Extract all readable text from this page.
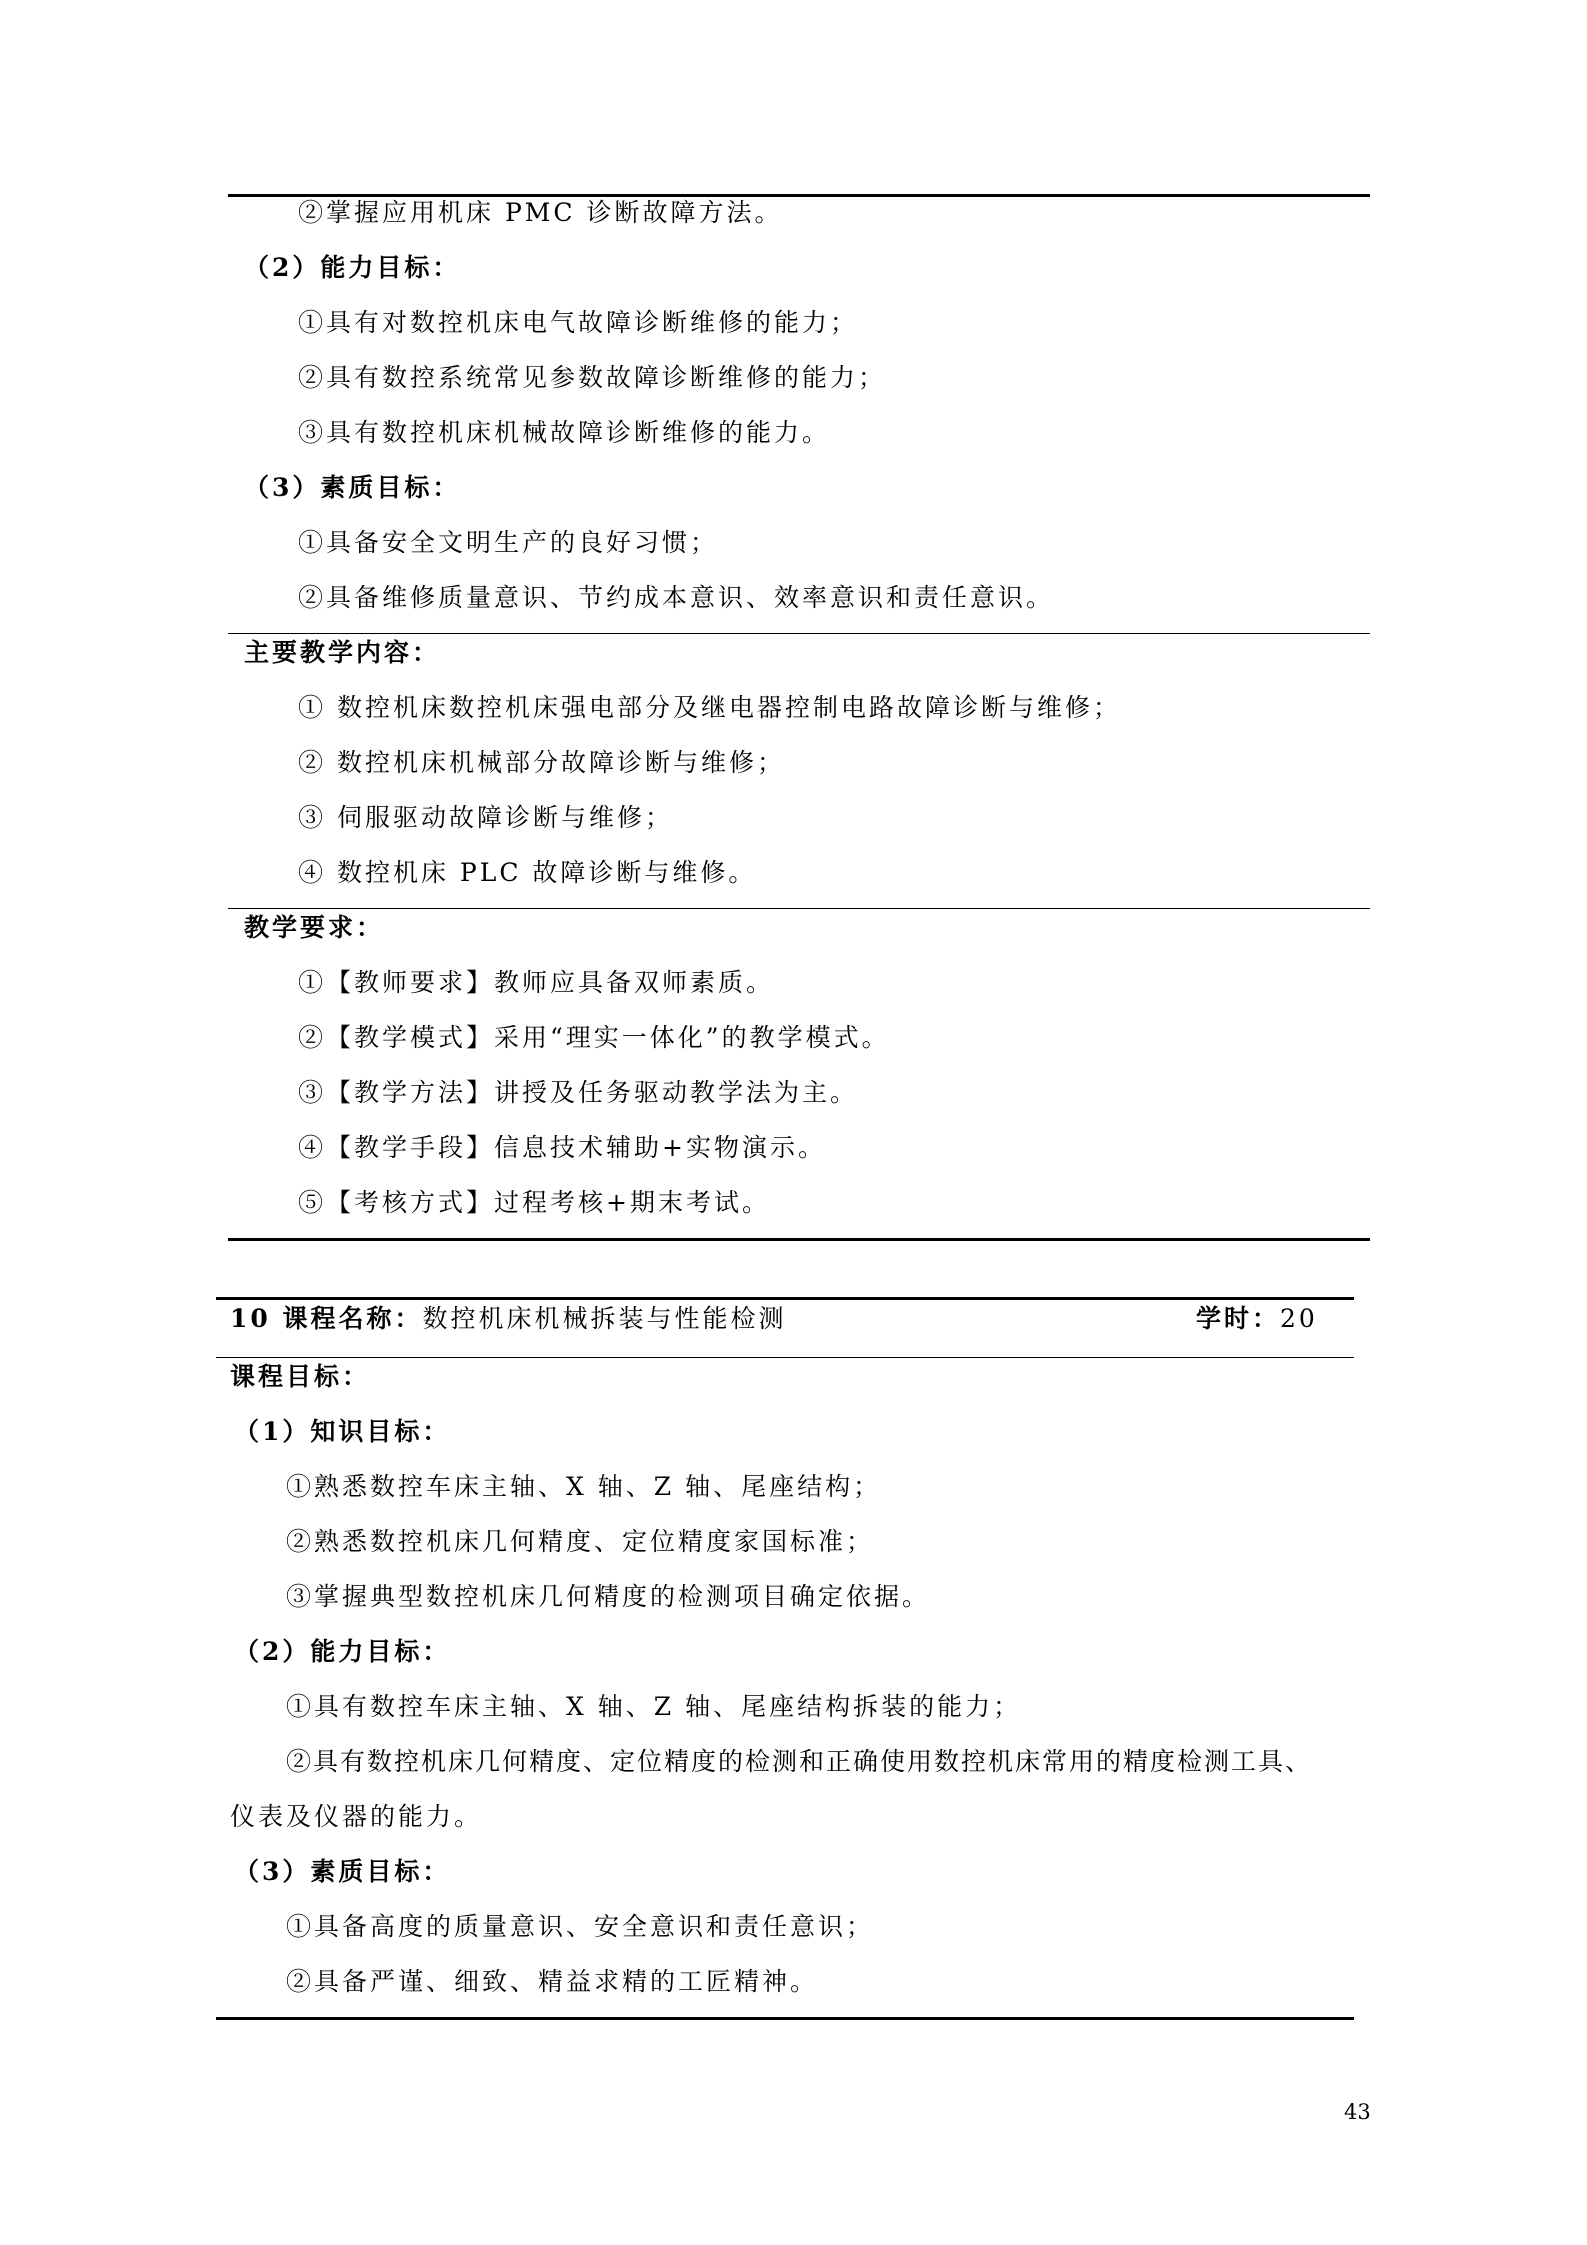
②掌握应用机床 PMC 诊断故障方法。
（2）能力目标：
①具有对数控机床电气故障诊断维修的能力；
②具有数控系统常见参数故障诊断维修的能力；
③具有数控机床机械故障诊断维修的能力。
（3）素质目标：
①具备安全文明生产的良好习惯；
②具备维修质量意识、节约成本意识、效率意识和责任意识。
主要教学内容：
① 数控机床数控机床强电部分及继电器控制电路故障诊断与维修；
② 数控机床机械部分故障诊断与维修；
③ 伺服驱动故障诊断与维修；
④ 数控机床 PLC 故障诊断与维修。
教学要求：
①【教师要求】教师应具备双师素质。
②【教学模式】采用“理实一体化”的教学模式。
③【教学方法】讲授及任务驱动教学法为主。
④【教学手段】信息技术辅助+实物演示。
⑤【考核方式】过程考核+期末考试。
10 课程名称：数控机床机械拆装与性能检测	学时：20
课程目标：
（1）知识目标：
①熟悉数控车床主轴、X 轴、Z 轴、尾座结构；
②熟悉数控机床几何精度、定位精度家国标准；
③掌握典型数控机床几何精度的检测项目确定依据。
（2）能力目标：
①具有数控车床主轴、X 轴、Z 轴、尾座结构拆装的能力；
②具有数控机床几何精度、定位精度的检测和正确使用数控机床常用的精度检测工具、
仪表及仪器的能力。
（3）素质目标：
①具备高度的质量意识、安全意识和责任意识；
②具备严谨、细致、精益求精的工匠精神。
43
